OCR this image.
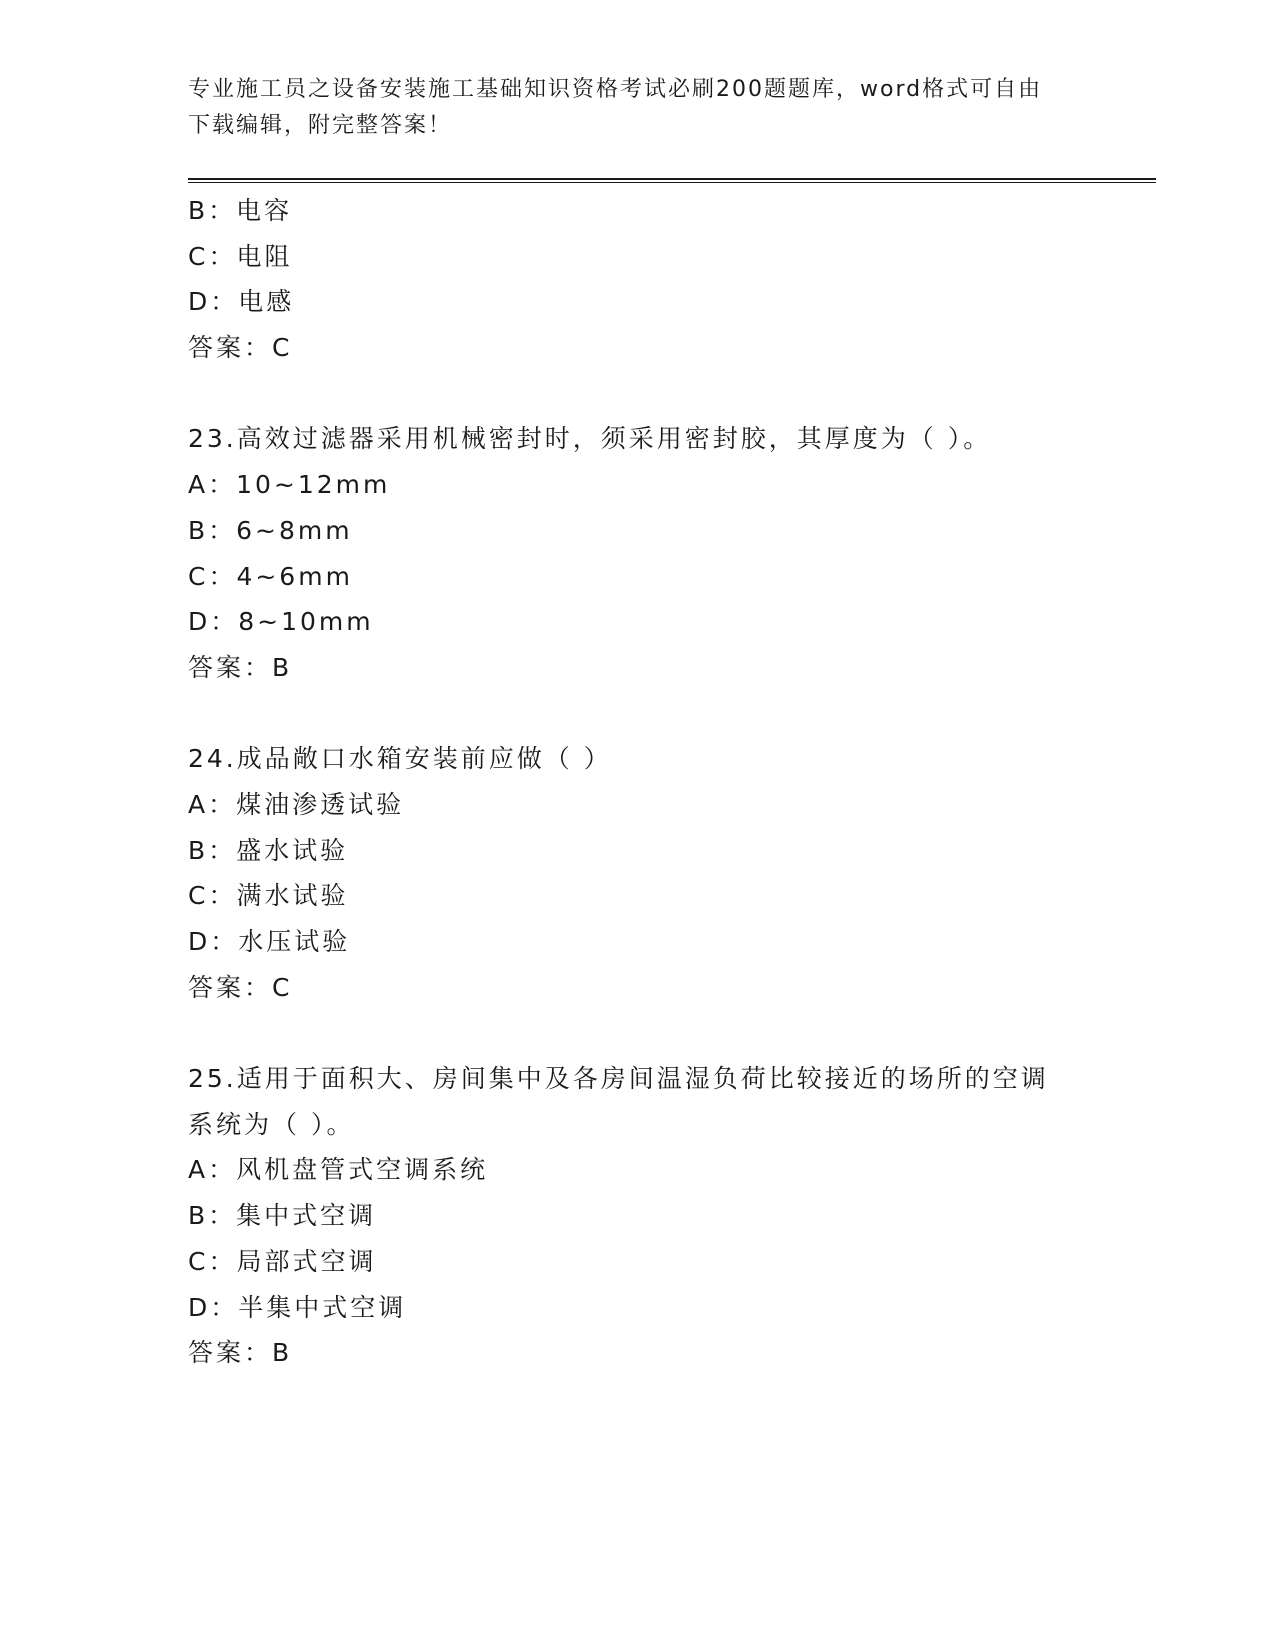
专业施工员之设备安装施工基础知识资格考试必刷200题题库，word格式可自由
下载编辑，附完整答案！
B：电容
C：电阻
D：电感
答案：C
23.高效过滤器采用机械密封时，须采用密封胶，其厚度为（ ）。
A：10~12mm
B：6~8mm
C：4~6mm
D：8~10mm
答案：B
24.成品敞口水箱安装前应做（ ）
A：煤油渗透试验
B：盛水试验
C：满水试验
D：水压试验
答案：C
25.适用于面积大、房间集中及各房间温湿负荷比较接近的场所的空调
系统为（ ）。
A：风机盘管式空调系统
B：集中式空调
C：局部式空调
D：半集中式空调
答案：B
